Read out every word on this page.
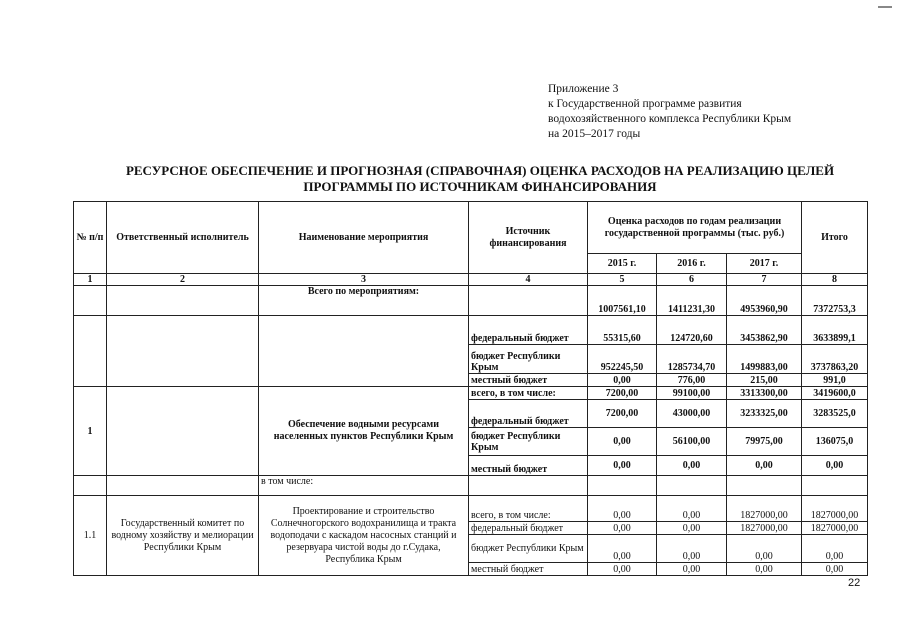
Приложение 3
к Государственной программе развития
водохозяйственного комплекса Республики Крым
на 2015–2017 годы
РЕСУРСНОЕ ОБЕСПЕЧЕНИЕ И ПРОГНОЗНАЯ (СПРАВОЧНАЯ) ОЦЕНКА РАСХОДОВ НА РЕАЛИЗАЦИЮ ЦЕЛЕЙ
ПРОГРАММЫ ПО ИСТОЧНИКАМ ФИНАНСИРОВАНИЯ
№ п/п	Ответственный исполнитель	Наименование мероприятия	Источник финансирования	Оценка расходов по годам реализации государственной программы (тыс. руб.)			Итого
				2015 г.	2016 г.	2017 г.	
1	2	3	4	5	6	7	8
		Всего по мероприятиям:		1007561,10	1411231,30	4953960,90	7372753,3
			федеральный бюджет	55315,60	124720,60	3453862,90	3633899,1
			бюджет Республики Крым	952245,50	1285734,70	1499883,00	3737863,20
			местный бюджет	0,00	776,00	215,00	991,0
1		Обеспечение водными ресурсами населенных пунктов Республики Крым	всего, в том числе:	7200,00	99100,00	3313300,00	3419600,0
			федеральный бюджет	7200,00	43000,00	3233325,00	3283525,0
			бюджет Республики Крым	0,00	56100,00	79975,00	136075,0
			местный бюджет	0,00	0,00	0,00	0,00
		в том числе:					
1.1	Государственный комитет по водному хозяйству и мелиорации Республики Крым	Проектирование и строительство Солнечногорского водохранилища и тракта водоподачи с каскадом насосных станций и резервуара чистой воды до г.Судака, Республика Крым	всего, в том числе:	0,00	0,00	1827000,00	1827000,00
			федеральный бюджет	0,00	0,00	1827000,00	1827000,00
			бюджет Республики Крым	0,00	0,00	0,00	0,00
			местный бюджет	0,00	0,00	0,00	0,00
22
